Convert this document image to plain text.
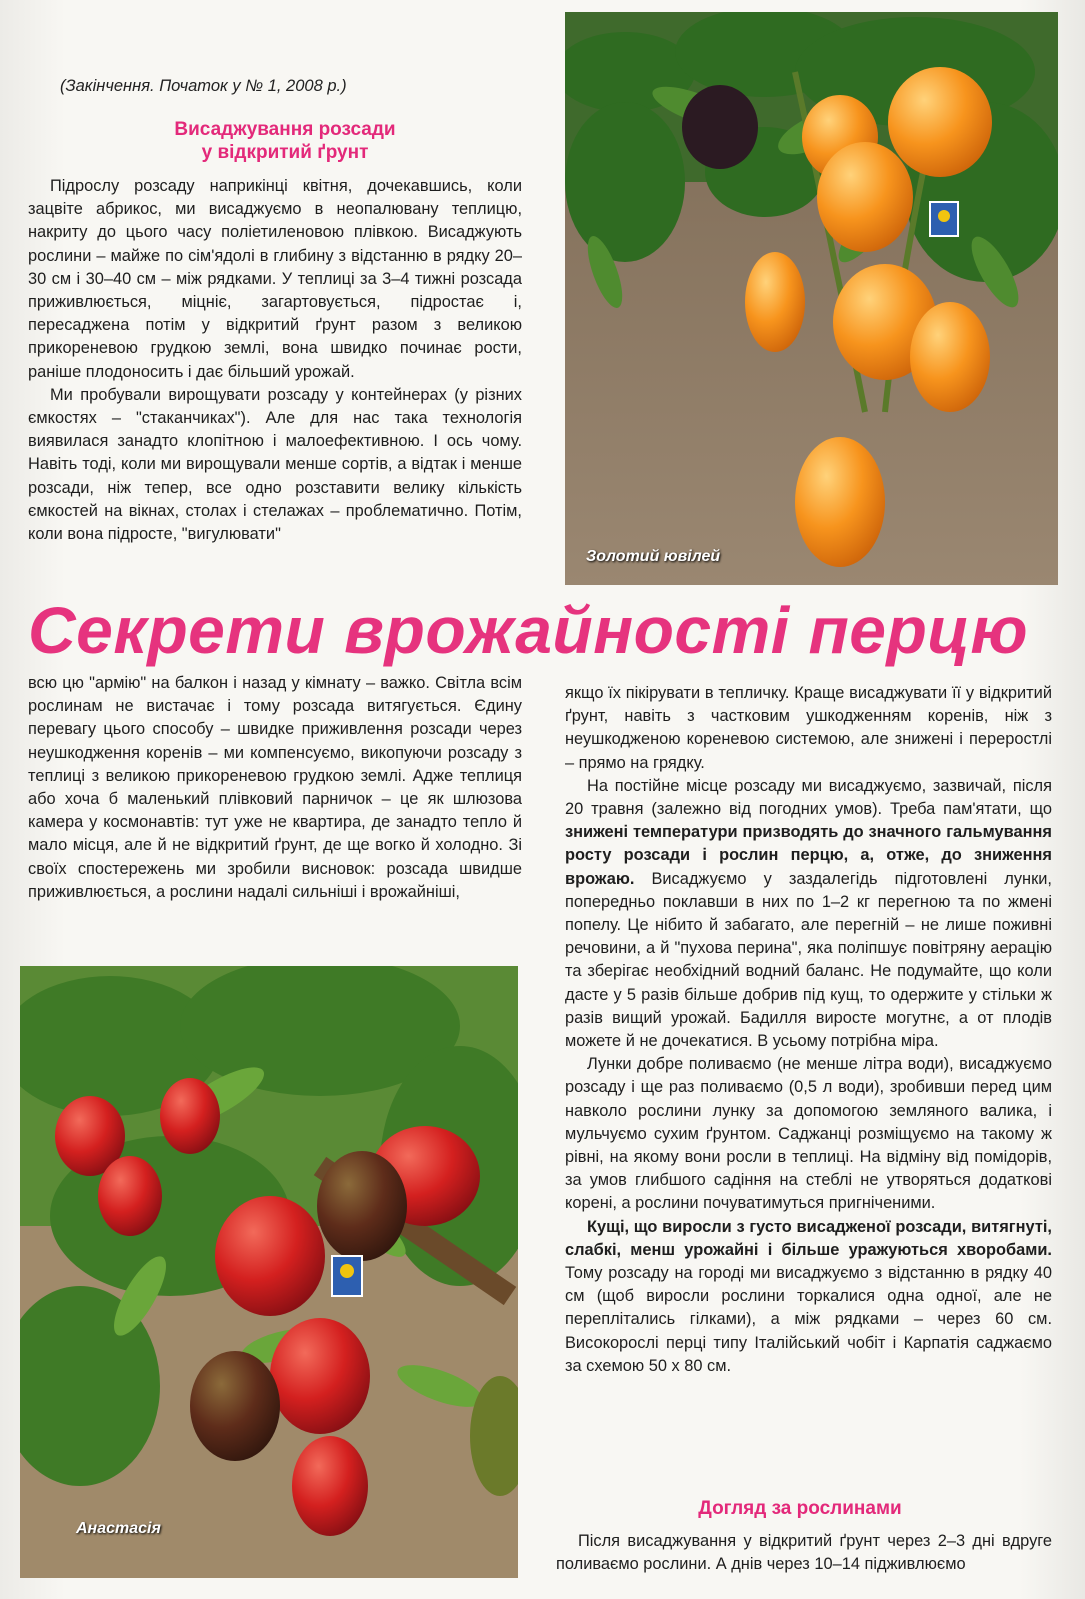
(Закінчення. Початок у № 1, 2008 р.)
Висаджування розсади
у відкритий ґрунт

Підрослу розсаду наприкінці квітня, дочекавшись, коли зацвіте абрикос, ми висаджуємо в неопалювану теплицю, накриту до цього часу поліетиленовою плівкою. Висаджують рослини – майже по сім'ядолі в глибину з відстанню в рядку 20–30 см і 30–40 см – між рядками. У теплиці за 3–4 тижні розсада приживлюється, міцніє, загартовується, підростає і, пересаджена потім у відкритий ґрунт разом з великою прикореневою грудкою землі, вона швидко починає рости, раніше плодоносить і дає більший урожай.

Ми пробували вирощувати розсаду у контейнерах (у різних ємкостях – "стаканчиках"). Але для нас така технологія виявилася занадто клопітною і малоефективною. І ось чому. Навіть тоді, коли ми вирощували менше сортів, а відтак і менше розсади, ніж тепер, все одно розставити велику кількість ємкостей на вікнах, столах і стелажах – проблематично. Потім, коли вона підросте, "вигулювати"

Золотий ювілей
Секрети врожайності перцю

всю цю "армію" на балкон і назад у кімнату – важко. Світла всім рослинам не вистачає і тому розсада витягується. Єдину перевагу цього способу – швидке приживлення розсади через неушкодження коренів – ми компенсуємо, викопуючи розсаду з теплиці з великою прикореневою грудкою землі. Адже теплиця або хоча б маленький плівковий парничок – це як шлюзова камера у космонавтів: тут уже не квартира, де занадто тепло й мало місця, але й не відкритий ґрунт, де ще вогко й холодно. Зі своїх спостережень ми зробили висновок: розсада швидше приживлюється, а рослини надалі сильніші і врожайніші,

Анастасія

якщо їх пікірувати в тепличку. Краще висаджувати її у відкритий ґрунт, навіть з частковим ушкодженням коренів, ніж з неушкодженою кореневою системою, але знижені і переростлі – прямо на грядку.

На постійне місце розсаду ми висаджуємо, зазвичай, після 20 травня (залежно від погодних умов). Треба пам'ятати, що знижені температури призводять до значного гальмування росту розсади і рослин перцю, а, отже, до зниження врожаю. Висаджуємо у заздалегідь підготовлені лунки, попередньо поклавши в них по 1–2 кг перегною та по жмені попелу. Це нібито й забагато, але перегній – не лише поживні речовини, а й "пухова перина", яка поліпшує повітряну аерацію та зберігає необхідний водний баланс. Не подумайте, що коли дасте у 5 разів більше добрив під кущ, то одержите у стільки ж разів вищий урожай. Бадилля виросте могутнє, а от плодів можете й не дочекатися. В усьому потрібна міра.

Лунки добре поливаємо (не менше літра води), висаджуємо розсаду і ще раз поливаємо (0,5 л води), зробивши перед цим навколо рослини лунку за допомогою земляного валика, і мульчуємо сухим ґрунтом. Саджанці розміщуємо на такому ж рівні, на якому вони росли в теплиці. На відміну від помідорів, за умов глибшого садіння на стеблі не утворяться додаткові корені, а рослини почуватимуться пригніченими.

Кущі, що виросли з густо висадженої розсади, витягнуті, слабкі, менш урожайні і більше уражуються хворобами. Тому розсаду на городі ми висаджуємо з відстанню в рядку 40 см (щоб виросли рослини торкалися одна одної, але не переплітались гілками), а між рядками – через 60 см. Високорослі перці типу Італійський чобіт і Карпатія саджаємо за схемою 50 х 80 см.

Догляд за рослинами

Після висаджування у відкритий ґрунт через 2–3 дні вдруге поливаємо рослини. А днів через 10–14 підживлюємо
